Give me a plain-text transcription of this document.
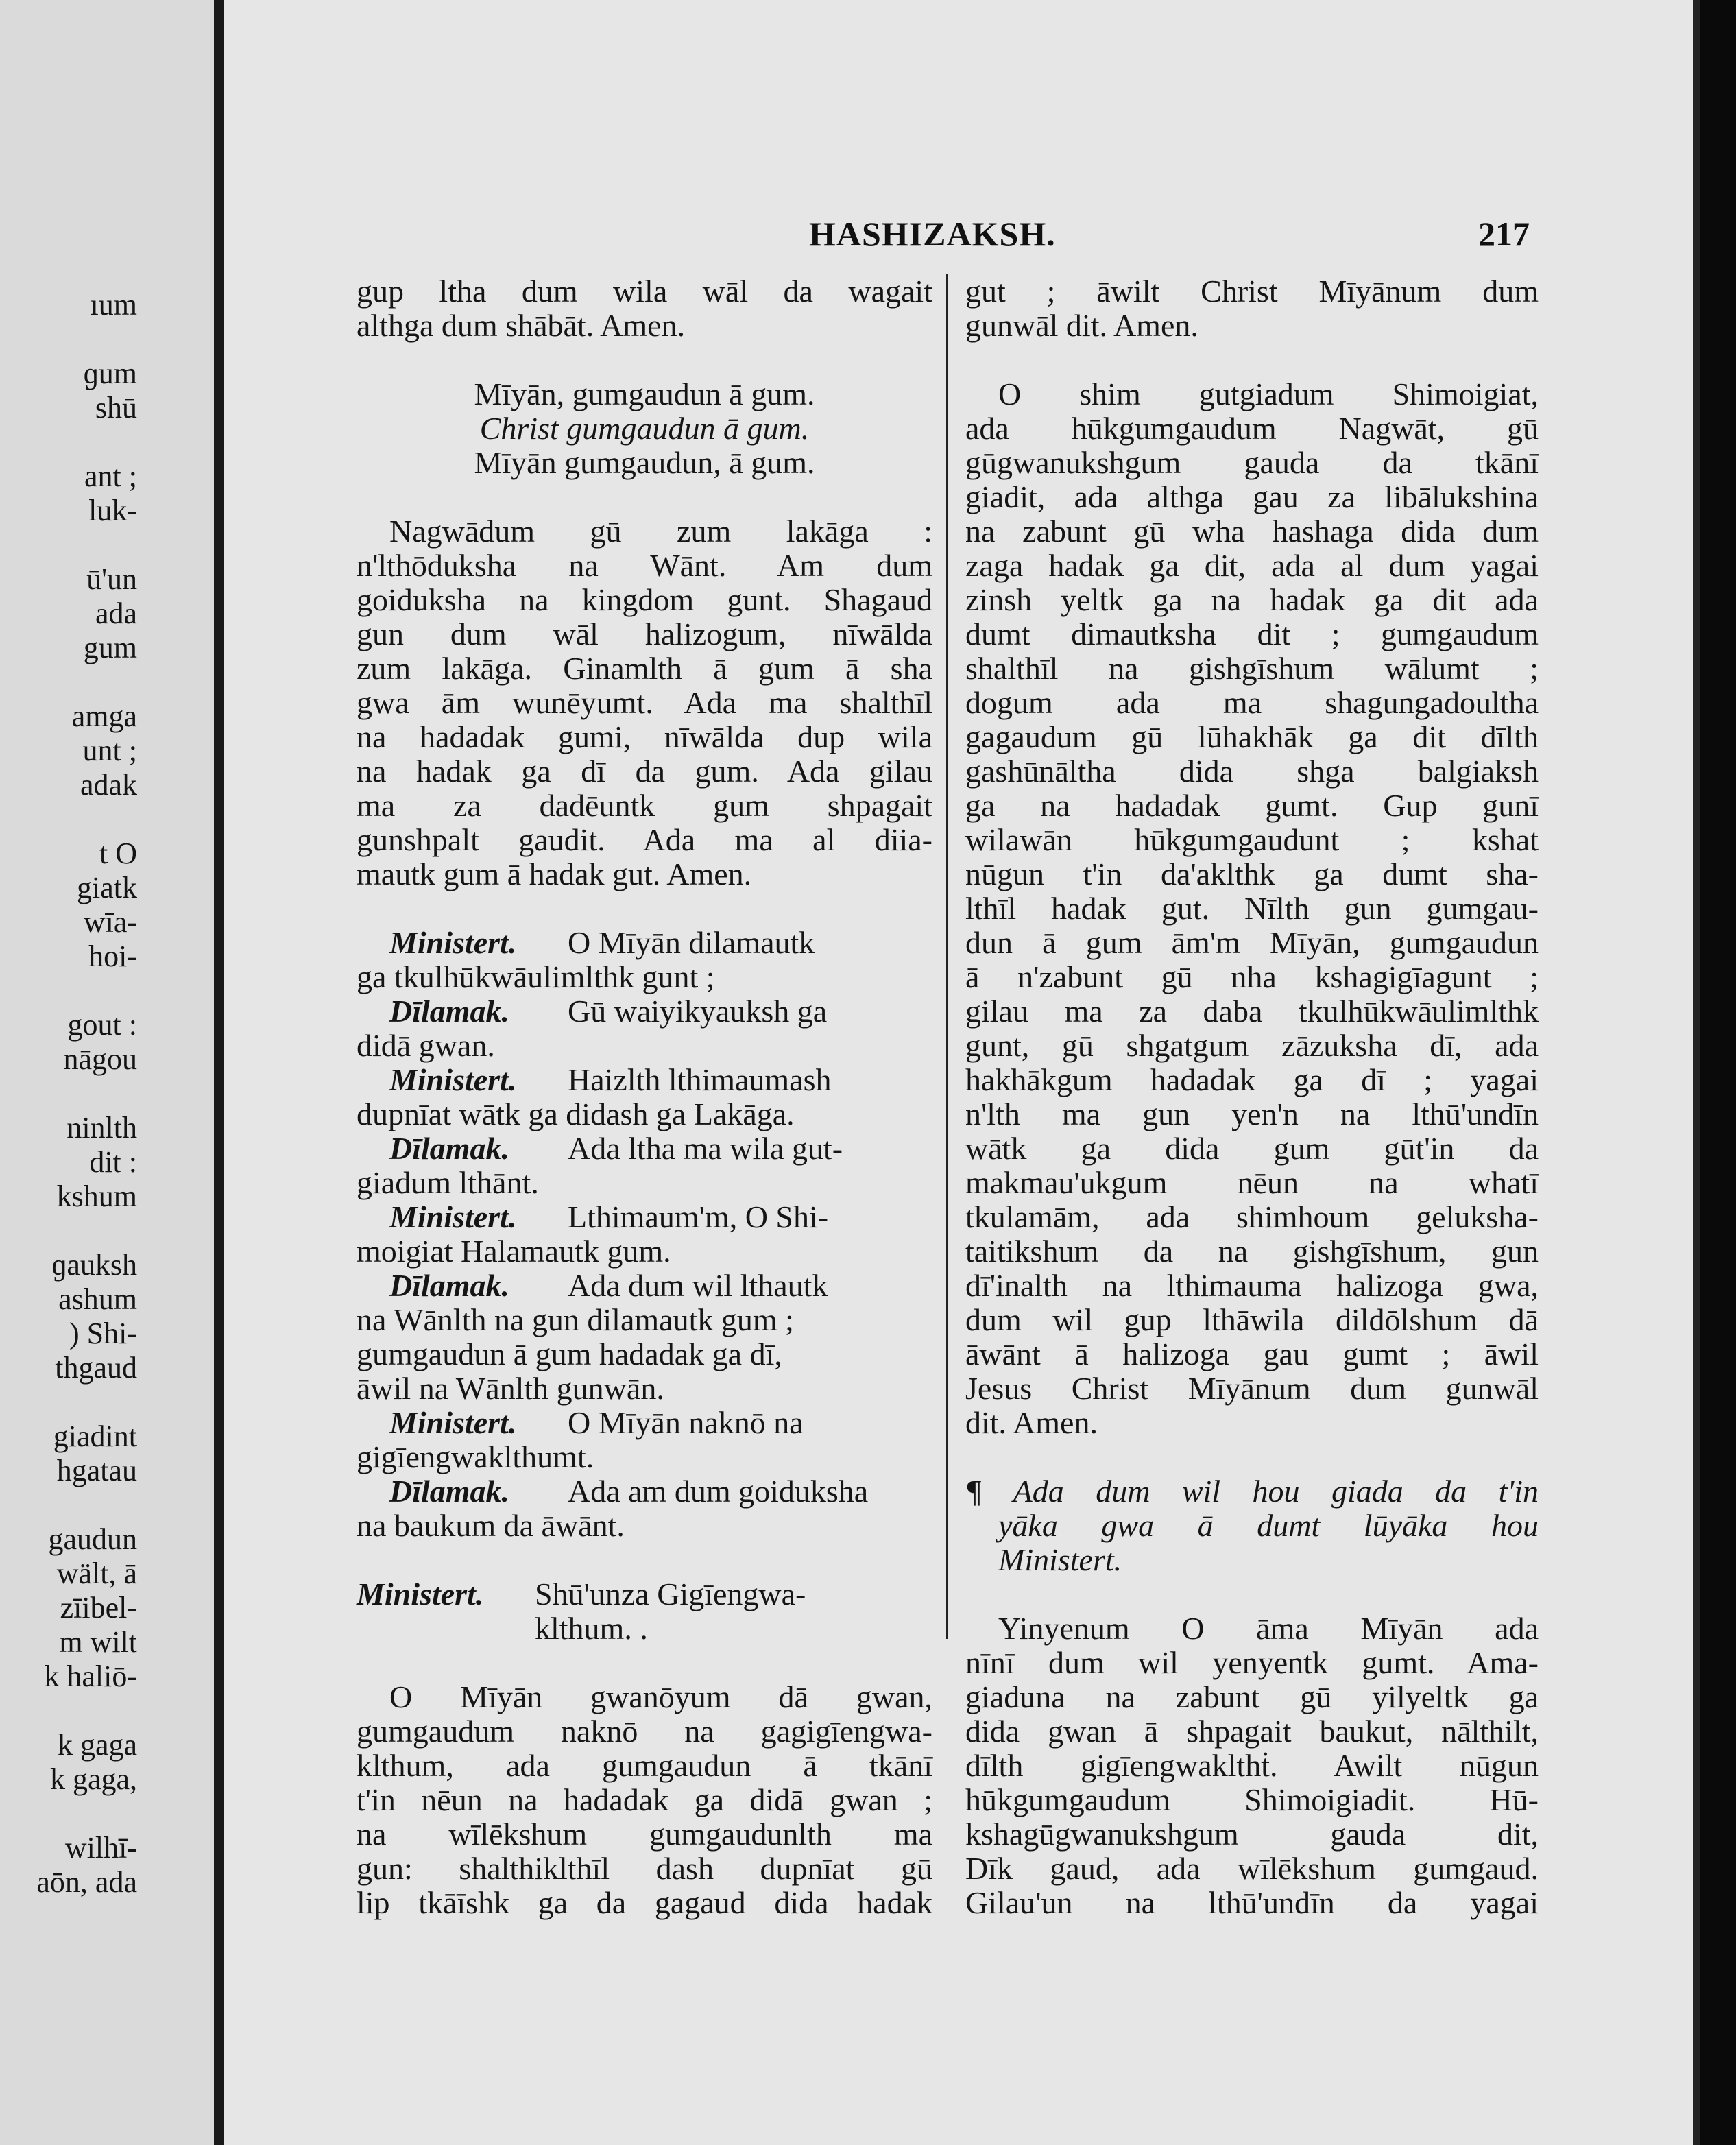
ıum
ɡum
shū
ant ;
luk-
ū'un
ada
gum
amga
unt ;
adak
t O
giatk
wīa-
hoi-
gout :
nāgou
ninlth
dit :
kshum
ɡauksh
ashum
) Shi-
thgaud
giadint
hgatau
gaudun
wält, ā
zīibel-
m wilt
k haliō-
k gaga
k gaga,
wilhī-
aōn, ada
HASHIZAKSH.	217
gup ltha dum wila wāl da wagait
althga dum shābāt. Amen.
Mīyān, gumgaudun ā gum.
Christ gumgaudun ā gum.
Mīyān gumgaudun, ā gum.
Nagwādum gū zum lakāga :
n'lthōduksha na Wānt. Am dum
goiduksha na kingdom gunt. Shagaud
gun dum wāl halizogum, nīwālda
zum lakāga. Ginamlth ā gum ā sha
gwa ām wunēyumt. Ada ma shalthīl
na hadadak gumi, nīwālda dup wila
na hadak ga dī da gum. Ada gilau
ma za dadēuntk gum shpagait
gunshpalt gaudit. Ada ma al diia-
mautk gum ā hadak gut. Amen.
Ministert. O Mīyān dilamautk
ga tkulhūkwāulimlthk gunt ;
Dīlamak. Gū waiyikyauksh ga
didā gwan.
Ministert. Haizlth lthimaumash
dupnīat wātk ga didash ga Lakāga.
Dīlamak. Ada ltha ma wila gut-
giadum lthānt.
Ministert. Lthimaum'm, O Shi-
moigiat Halamautk gum.
Dīlamak. Ada dum wil lthautk
na Wānlth na gun dilamautk gum ;
gumgaudun ā gum hadadak ga dī,
āwil na Wānlth gunwān.
Ministert. O Mīyān naknō na
gigīengwaklthumt.
Dīlamak. Ada am dum goiduksha
na baukum da āwānt.
Ministert. Shū'unza Gigīengwa-
klthum. .
O Mīyān gwanōyum dā gwan,
gumgaudum naknō na gagigīengwa-
klthum, ada gumgaudun ā tkānī
t'in nēun na hadadak ga didā gwan ;
na wīlēkshum gumgaudunlth ma
gun: shalthiklthīl dash dupnīat gū
lip tkāīshk ga da gagaud dida hadak
gut ; āwilt Christ Mīyānum dum
gunwāl dit. Amen.
O shim gutgiadum Shimoigiat,
ada hūkgumgaudum Nagwāt, gū
gūgwanukshgum gauda da tkānī
giadit, ada althga gau za libālukshina
na zabunt gū wha hashaga dida dum
zaga hadak ga dit, ada al dum yagai
zinsh yeltk ga na hadak ga dit ada
dumt dimautksha dit ; gumgaudum
shalthīl na gishgīshum wālumt ;
dogum ada ma shagungadoultha
gagaudum gū lūhakhāk ga dit dīlth
gashūnāltha dida shga balgiaksh
ga na hadadak gumt. Gup gunī
wilawān hūkgumgaudunt ; kshat
nūgun t'in da'aklthk ga dumt sha-
lthīl hadak gut. Nīlth gun gumgau-
dun ā gum ām'm Mīyān, gumgaudun
ā n'zabunt gū nha kshagigīagunt ;
gilau ma za daba tkulhūkwāulimlthk
gunt, gū shgatgum zāzuksha dī, ada
hakhākgum hadadak ga dī ; yagai
n'lth ma gun yen'n na lthū'undīn
wātk ga dida gum gūt'in da
makmau'ukgum nēun na whatī
tkulamām, ada shimhoum geluksha-
taitikshum da na gishgīshum, gun
dī'inalth na lthimauma halizoga gwa,
dum wil gup lthāwila dildōlshum dā
āwānt ā halizoga gau gumt ; āwil
Jesus Christ Mīyānum dum gunwāl
dit. Amen.
¶ Ada dum wil hou giada da t'in
yāka gwa ā dumt lūyāka hou
Ministert.
Yinyenum O āma Mīyān ada
nīnī dum wil yenyentk gumt. Ama-
giaduna na zabunt gū yilyeltk ga
dida gwan ā shpagait baukut, nālthilt,
dīlth gigīengwaklthṫ. Awilt nūgun
hūkgumgaudum Shimoigiadit. Hū-
kshagūgwanukshgum gauda dit,
Dīk gaud, ada wīlēkshum gumgaud.
Gilau'un na lthū'undīn da yagai
